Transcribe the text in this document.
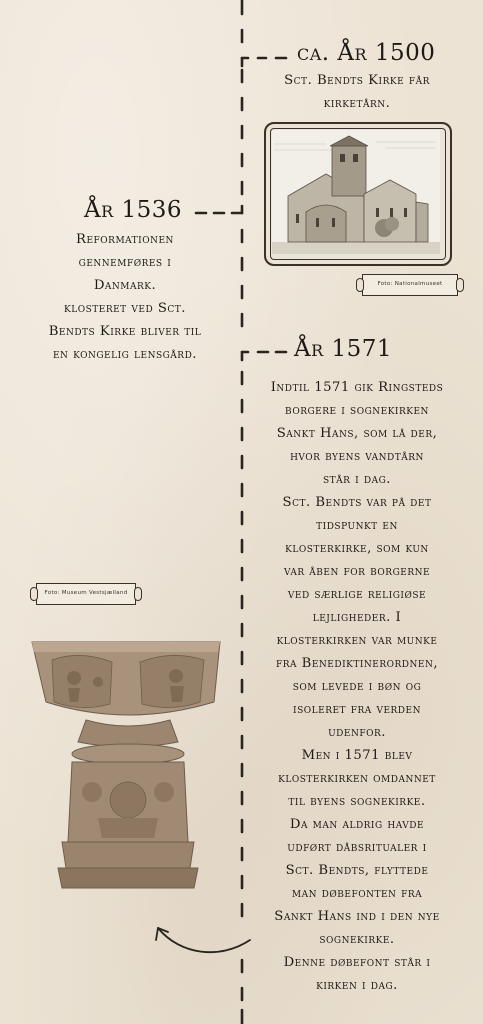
ca. År 1500
Sct. Bendts Kirke får
kirketårn.
Foto: Nationalmuseet
År 1536
Reformationen
gennemføres i
Danmark.
klosteret ved Sct.
Bendts Kirke bliver til
en kongelig lensgård.	År 1571
Indtil 1571 gik Ringsteds
borgere i sognekirken
Sankt Hans, som lå der,
hvor byens vandtårn
står i dag.
Sct. Bendts var på det
tidspunkt en
klosterkirke, som kun
var åben for borgerne
ved særlige religiøse
lejligheder. I
klosterkirken var munke
fra Benediktinerordnen,
som levede i bøn og
isoleret fra verden
udenfor.
Men i 1571 blev
klosterkirken omdannet
til byens sognekirke.
Da man aldrig havde
udført dåbsritualer i
Sct. Bendts, flyttede
man døbefonten fra
Sankt Hans ind i den nye
sognekirke.
Denne døbefont står i
kirken i dag.
Foto: Museum Vestsjælland
